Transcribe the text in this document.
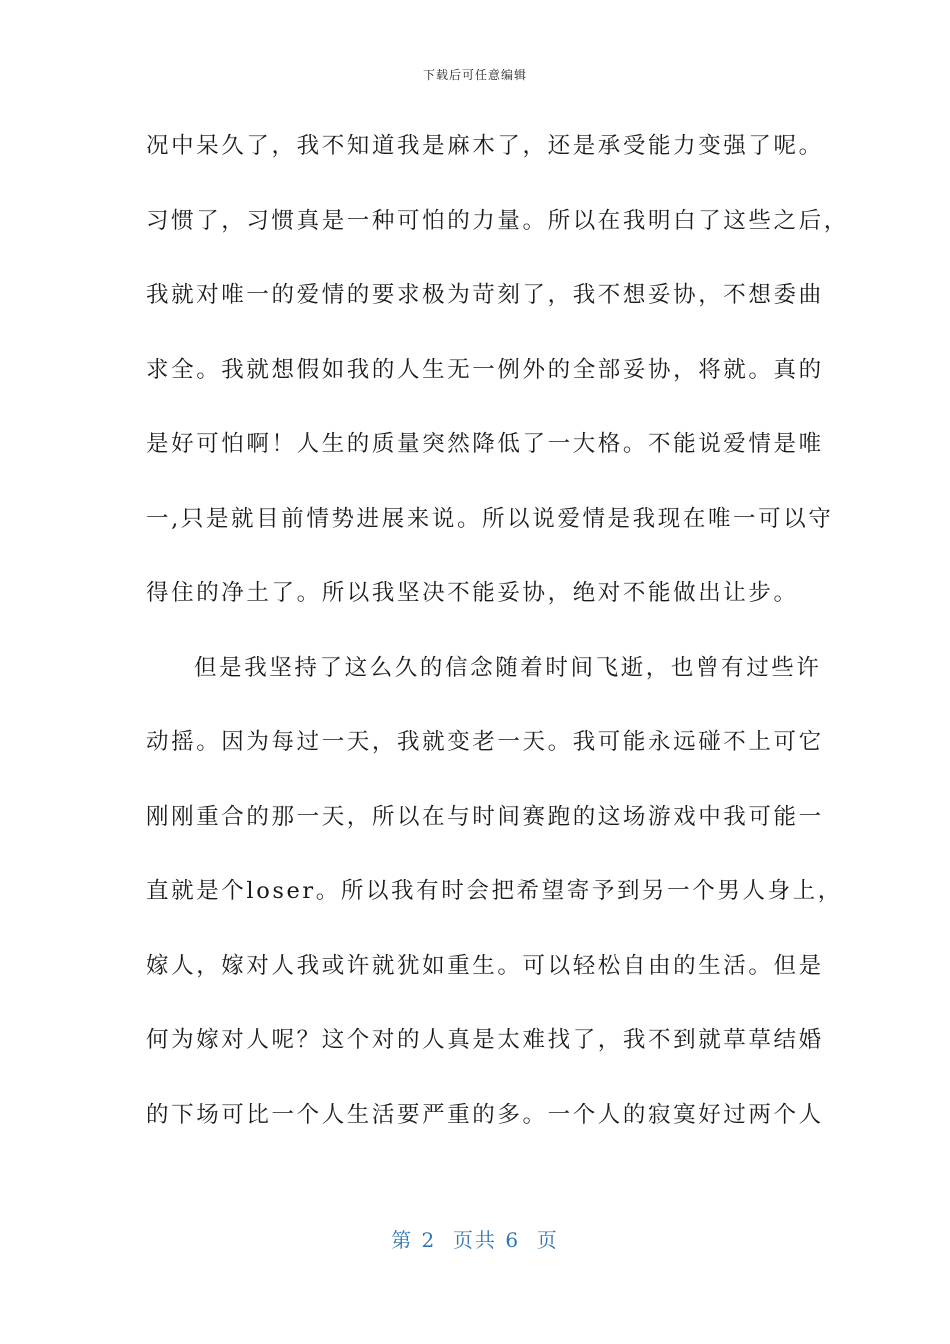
下载后可任意编辑
况中呆久了，我不知道我是麻木了，还是承受能力变强了呢。
习惯了，习惯真是一种可怕的力量。所以在我明白了这些之后，
我就对唯一的爱情的要求极为苛刻了，我不想妥协，不想委曲
求全。我就想假如我的人生无一例外的全部妥协，将就。真的
是好可怕啊！人生的质量突然降低了一大格。不能说爱情是唯
一,只是就目前情势进展来说。所以说爱情是我现在唯一可以守
得住的净土了。所以我坚决不能妥协，绝对不能做出让步。
但是我坚持了这么久的信念随着时间飞逝，也曾有过些许
动摇。因为每过一天，我就变老一天。我可能永远碰不上可它
刚刚重合的那一天，所以在与时间赛跑的这场游戏中我可能一
直就是个loser。所以我有时会把希望寄予到另一个男人身上，
嫁人，嫁对人我或许就犹如重生。可以轻松自由的生活。但是
何为嫁对人呢？这个对的人真是太难找了，我不到就草草结婚
的下场可比一个人生活要严重的多。一个人的寂寞好过两个人
第 2  页共 6  页
